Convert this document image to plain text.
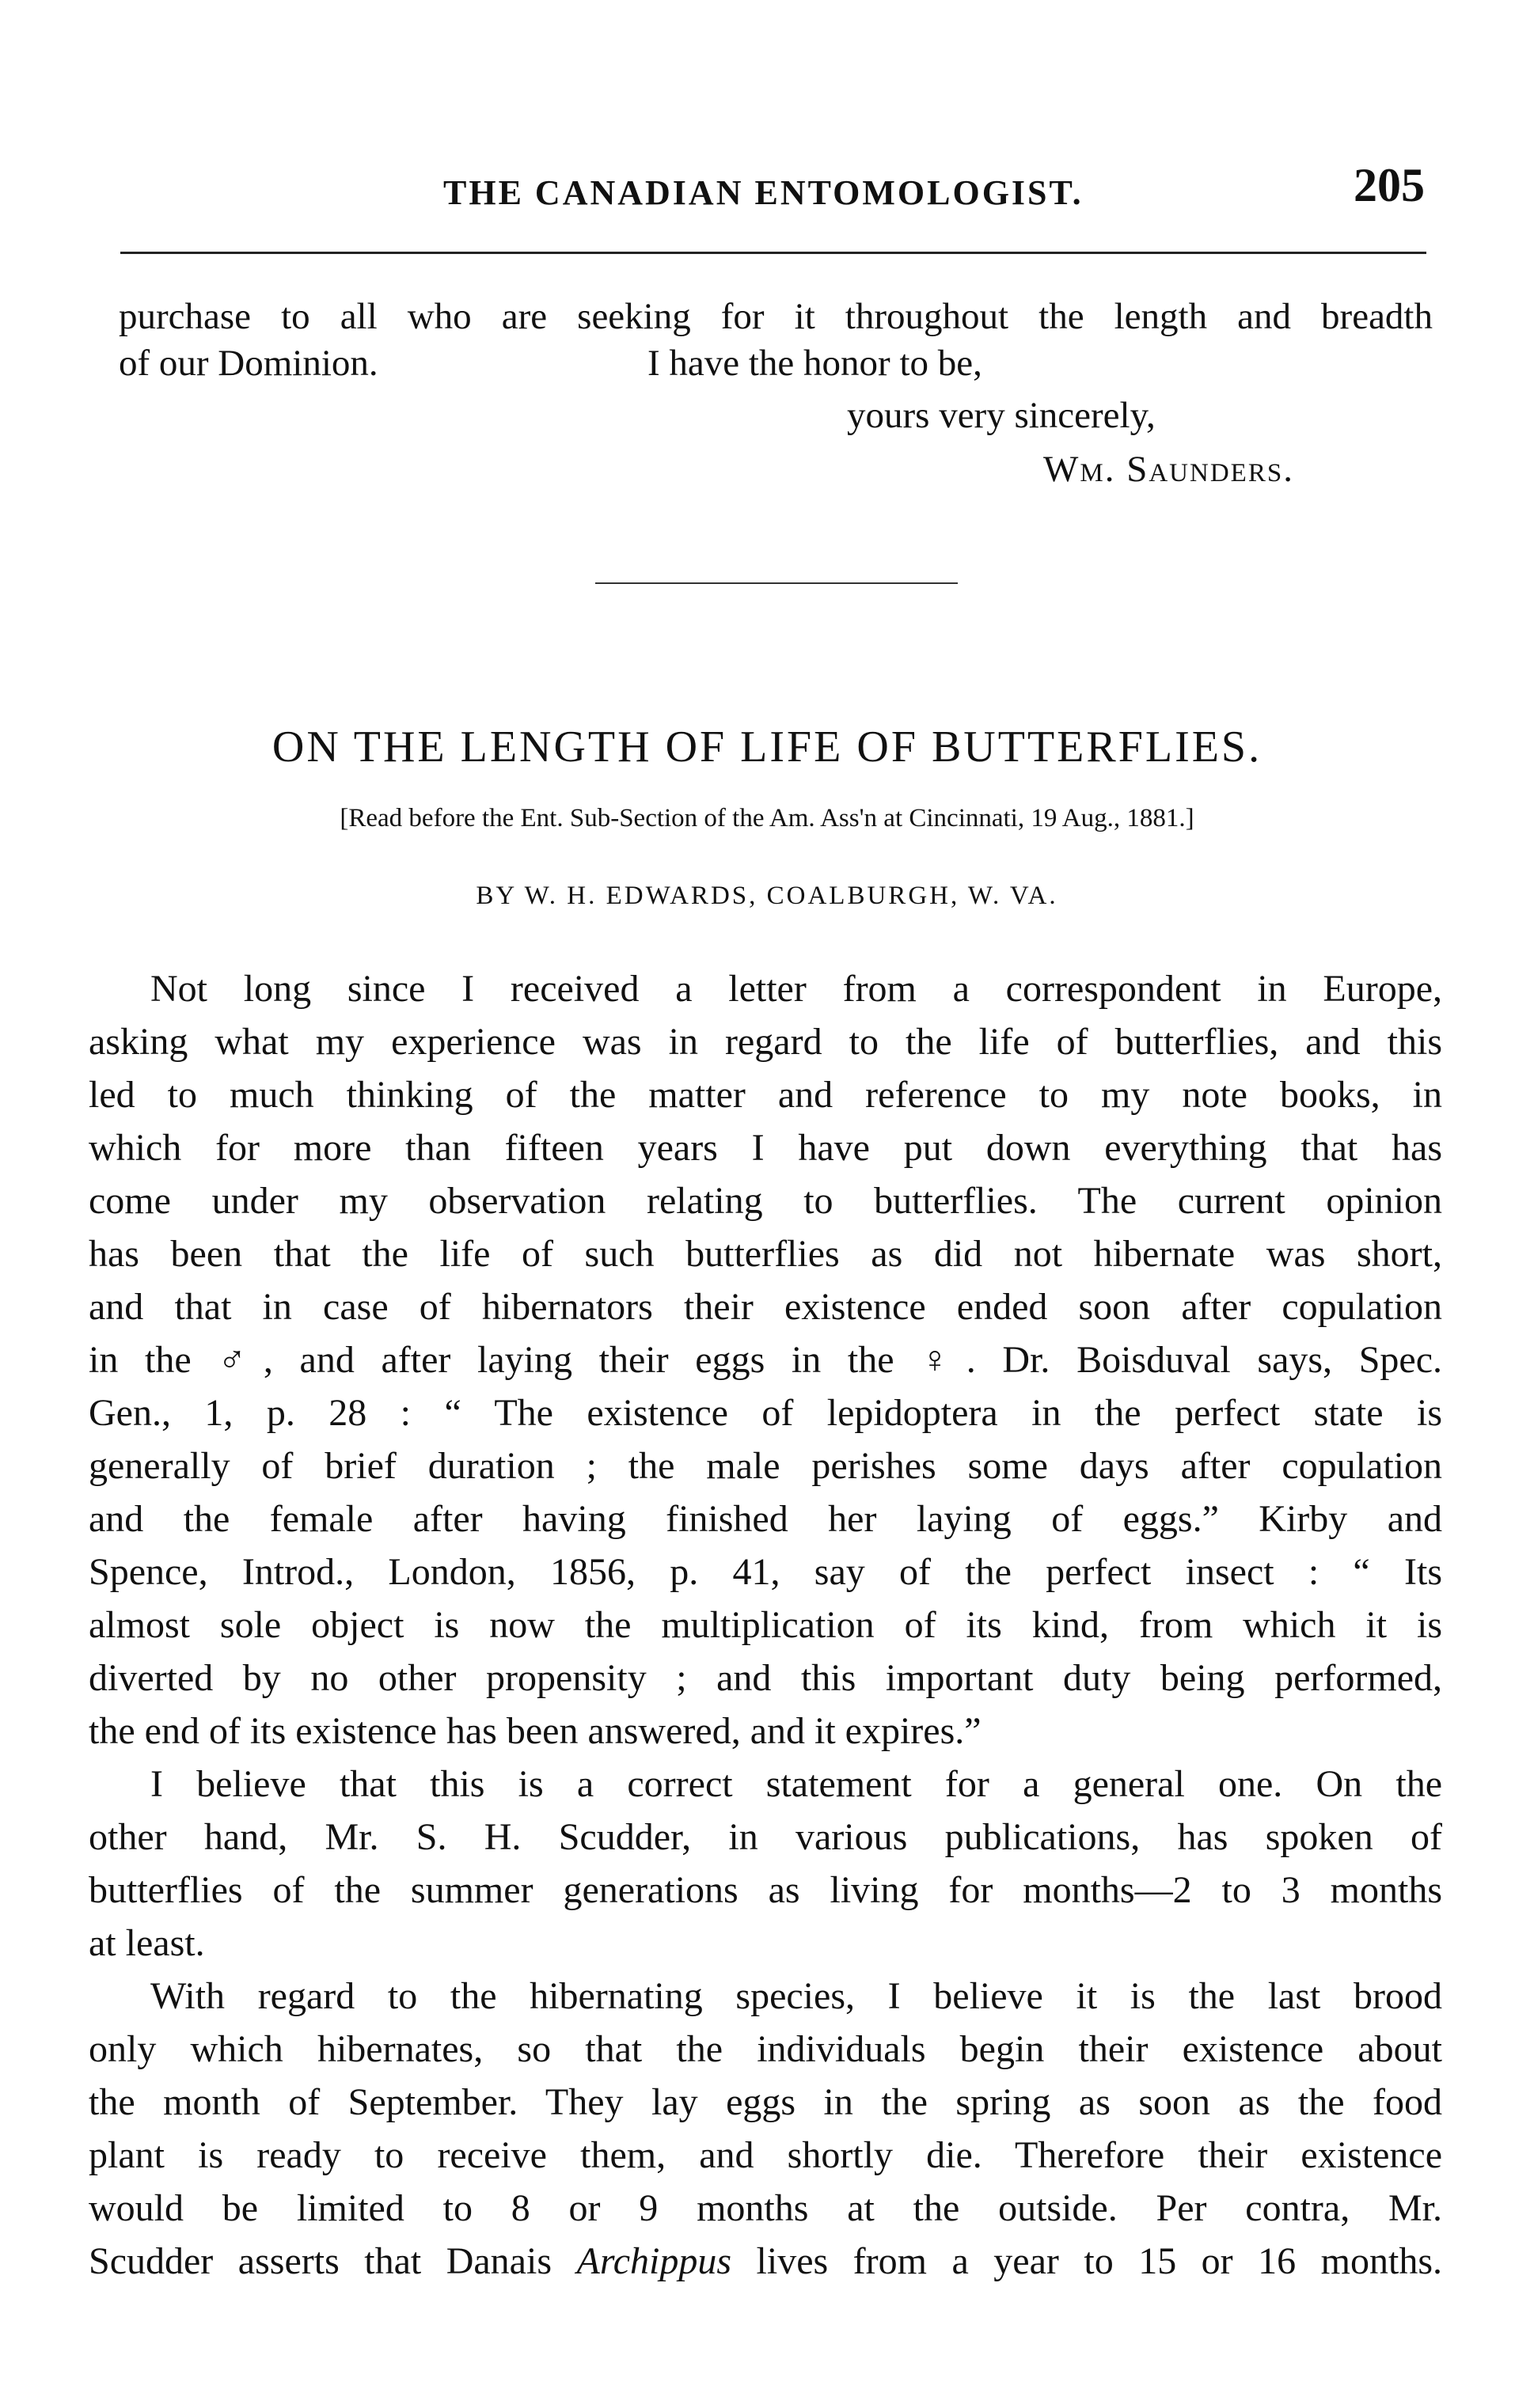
THE CANADIAN ENTOMOLOGIST.	205
purchase to all who are seeking for it throughout the length and breadth
of our Dominion.	I have the honor to be,
yours very sincerely,
Wm. Saunders.
ON THE LENGTH OF LIFE OF BUTTERFLIES.
[Read before the Ent. Sub-Section of the Am. Ass'n at Cincinnati, 19 Aug., 1881.]
BY W. H. EDWARDS, COALBURGH, W. VA.
Not long since I received a letter from a correspondent in Europe,
asking what my experience was in regard to the life of butterflies, and this
led to much thinking of the matter and reference to my note books, in
which for more than fifteen years I have put down everything that has
come under my observation relating to butterflies. The current opinion
has been that the life of such butterflies as did not hibernate was short,
and that in case of hibernators their existence ended soon after copulation
in the ♂, and after laying their eggs in the ♀. Dr. Boisduval says, Spec.
Gen., 1, p. 28 : “ The existence of lepidoptera in the perfect state is
generally of brief duration ; the male perishes some days after copulation
and the female after having finished her laying of eggs.” Kirby and
Spence, Introd., London, 1856, p. 41, say of the perfect insect : “ Its
almost sole object is now the multiplication of its kind, from which it is
diverted by no other propensity ; and this important duty being performed,
the end of its existence has been answered, and it expires.”
I believe that this is a correct statement for a general one. On the
other hand, Mr. S. H. Scudder, in various publications, has spoken of
butterflies of the summer generations as living for months—2 to 3 months
at least.
With regard to the hibernating species, I believe it is the last brood
only which hibernates, so that the individuals begin their existence about
the month of September. They lay eggs in the spring as soon as the food
plant is ready to receive them, and shortly die. Therefore their existence
would be limited to 8 or 9 months at the outside. Per contra, Mr.
Scudder asserts that Danais Archippus lives from a year to 15 or 16 months.
